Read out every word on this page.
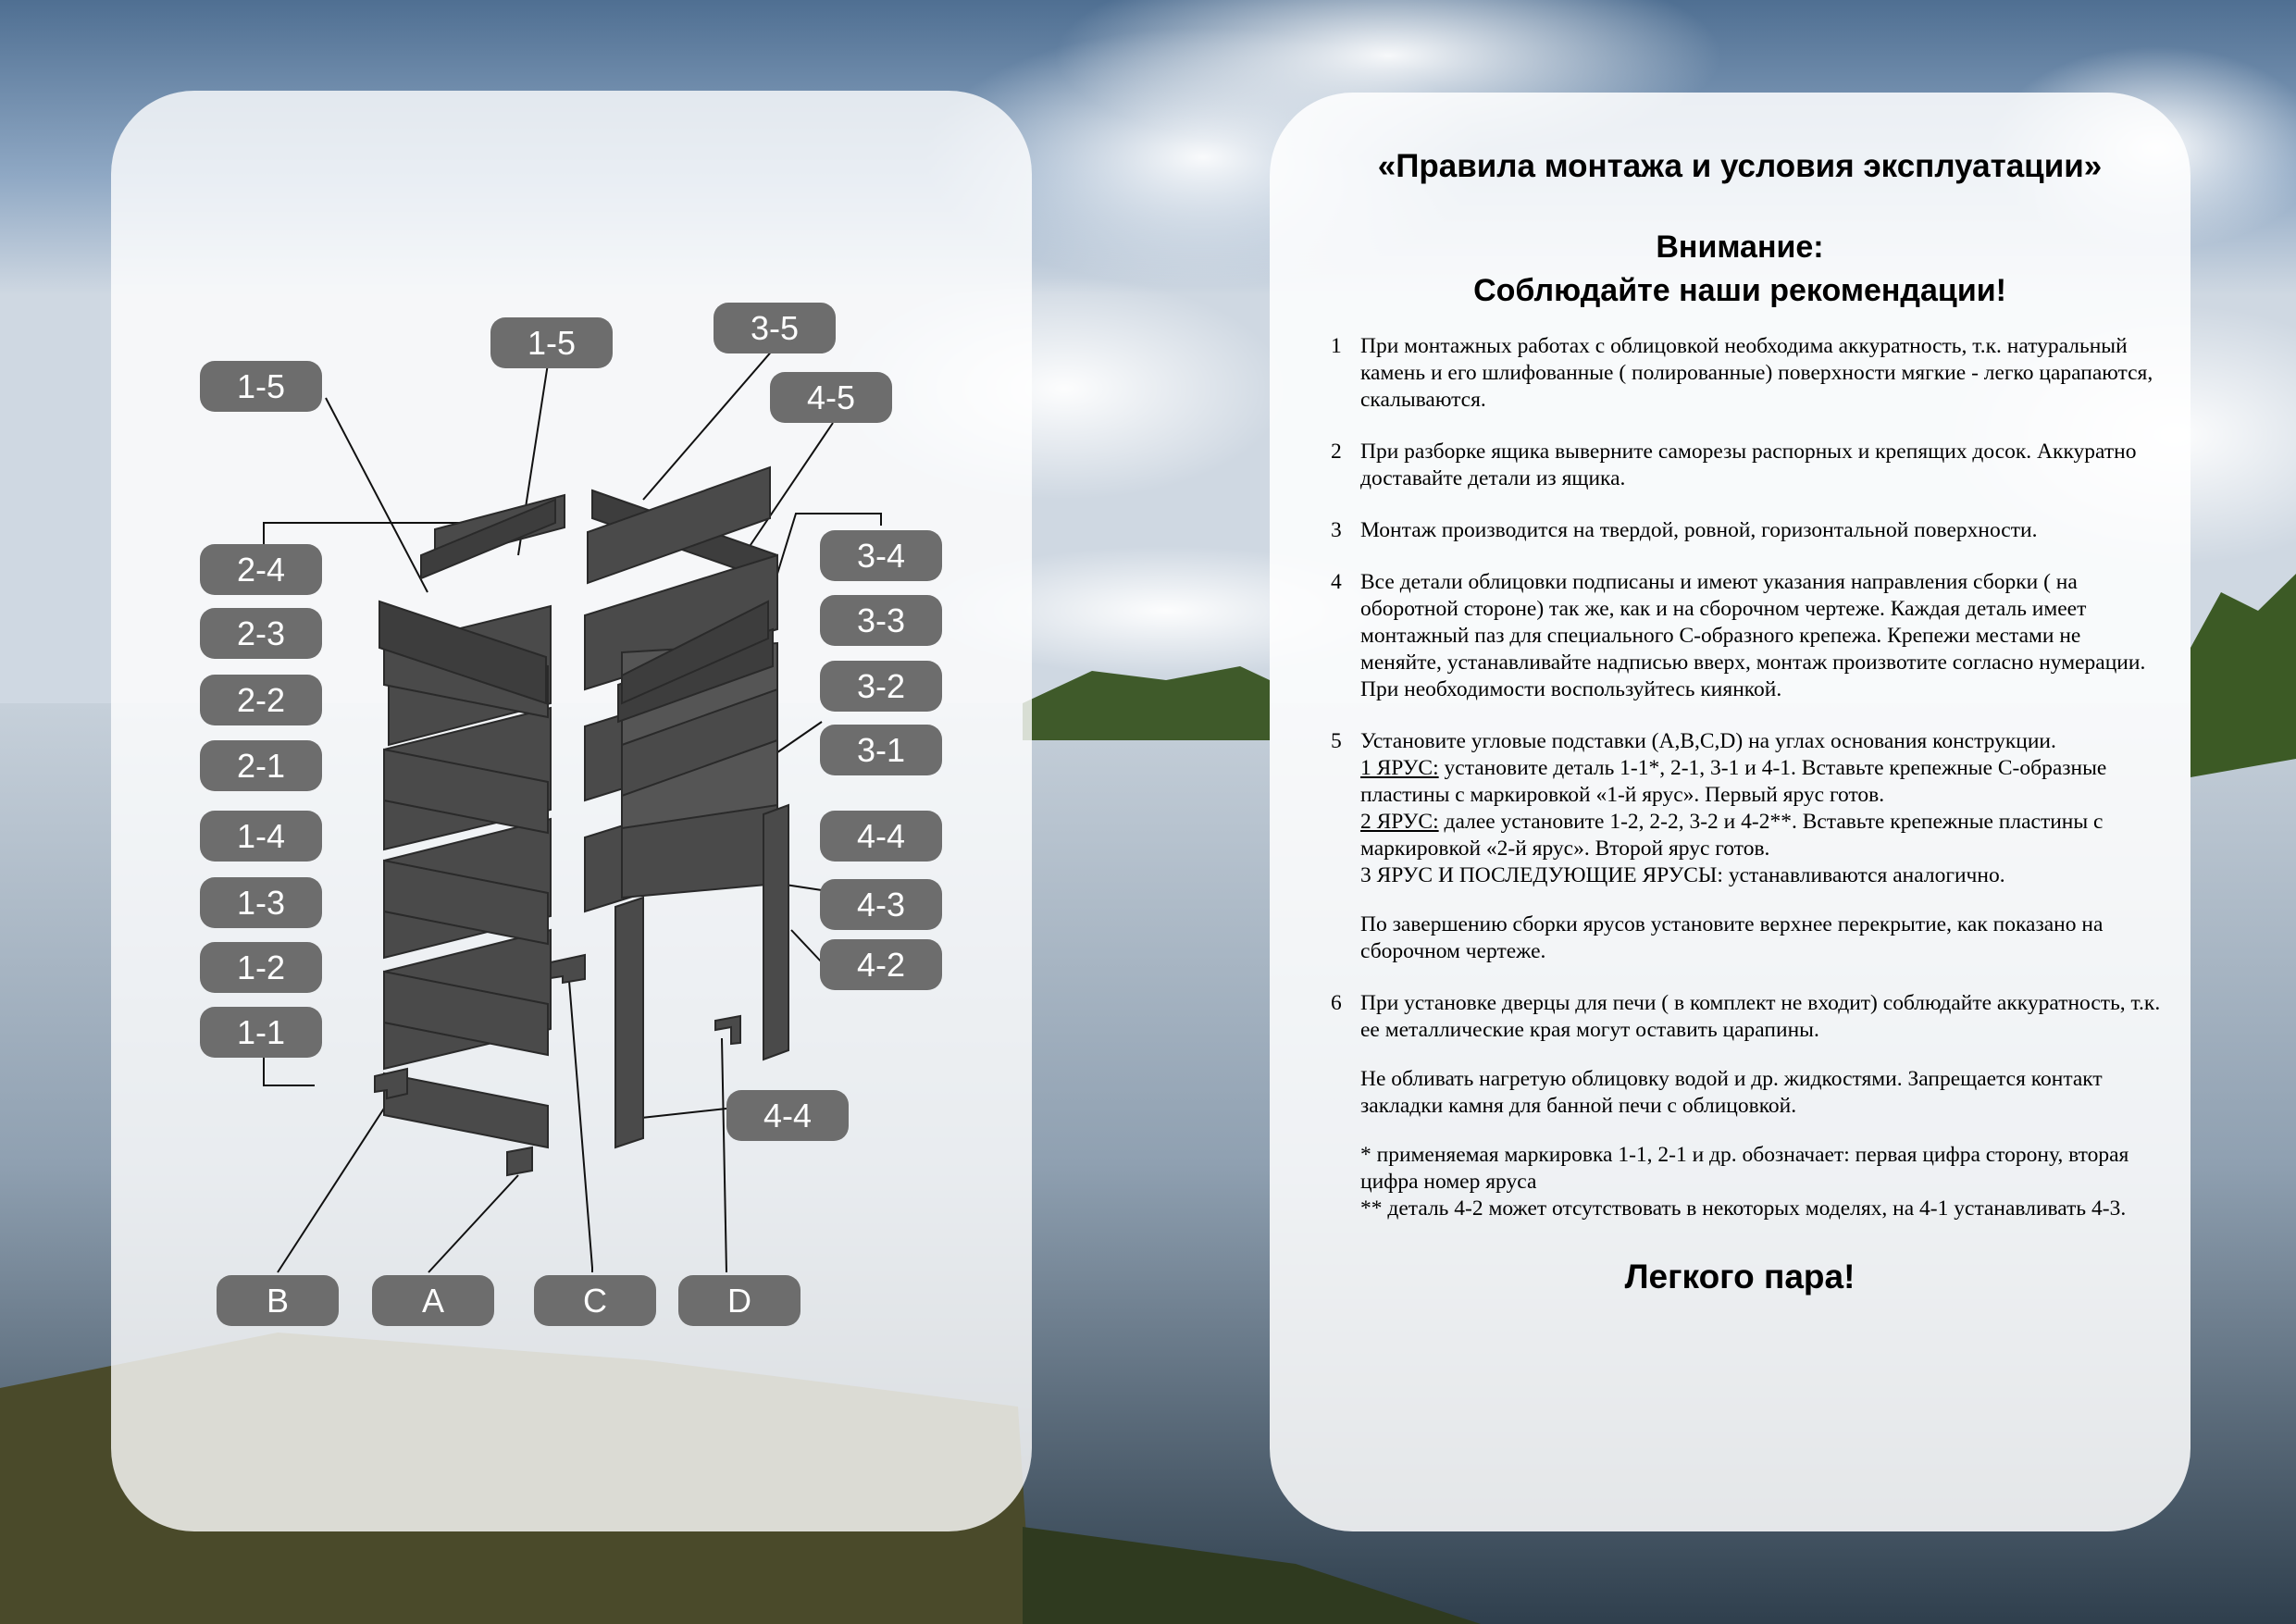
1-5
1-5	3-5
4-5
2-4
2-3
2-2
2-1
1-4
1-3
1-2
1-1
3-4
3-3
3-2
3-1
4-4
4-3
4-2
4-4
B	A	C	D
«Правила монтажа и условия эксплуатации»
Внимание:
Соблюдайте наши рекомендации!
1 При монтажных работах с облицовкой необходима аккуратность, т.к. натуральный камень и его шлифованные ( полированные) поверхности мягкие - легко царапаются, скалываются.
2 При разборке ящика выверните саморезы распорных и крепящих досок. Аккуратно доставайте детали из ящика.
3 Монтаж производится на твердой, ровной, горизонтальной поверхности.
4 Все детали облицовки подписаны и имеют указания направления сборки ( на оборотной стороне) так же, как и на сборочном чертеже. Каждая деталь имеет монтажный паз для специального С-образного крепежа. Крепежи местами не меняйте, устанавливайте надписью вверх, монтаж произвотите согласно нумерации. При необходимости воспользуйтесь киянкой.
5 Установите угловые подставки (A,B,C,D) на углах основания конструкции.
1 ЯРУС: установите деталь 1-1*, 2-1, 3-1 и 4-1. Вставьте крепежные С-образные пластины с маркировкой «1-й ярус». Первый ярус готов.
2 ЯРУС: далее установите 1-2, 2-2, 3-2 и 4-2**. Вставьте крепежные пластины с маркировкой «2-й ярус». Второй ярус готов.
3 ЯРУС И ПОСЛЕДУЮЩИЕ ЯРУСЫ: устанавливаются аналогично.
По завершению сборки ярусов установите верхнее перекрытие, как показано на сборочном чертеже.
6 При установке дверцы для печи ( в комплект не входит) соблюдайте аккуратность, т.к. ее металлические края могут оставить царапины.
Не обливать нагретую облицовку водой и др. жидкостями. Запрещается контакт закладки камня для банной печи с облицовкой.
* применяемая маркировка 1-1, 2-1 и др. обозначает: первая цифра сторону, вторая цифра номер яруса
** деталь 4-2 может отсутствовать в некоторых моделях, на 4-1 устанавливать 4-3.
Легкого пара!
